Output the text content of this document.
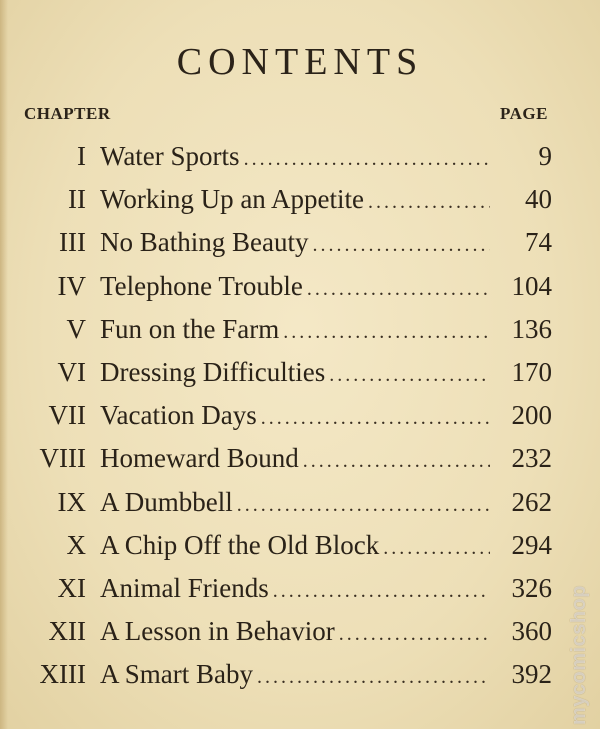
CONTENTS
CHAPTER	PAGE
I Water Sports . . .	9
II Working Up an Appetite . . .	40
III No Bathing Beauty . . .	74
IV Telephone Trouble . . .	104
V Fun on the Farm . . .	136
VI Dressing Difficulties . . .	170
VII Vacation Days . . .	200
VIII Homeward Bound . . .	232
IX A Dumbbell . . .	262
X A Chip Off the Old Block . . .	294
XI Animal Friends . . .	326
XII A Lesson in Behavior . . .	360
XIII A Smart Baby . . .	392 mycomicshop
